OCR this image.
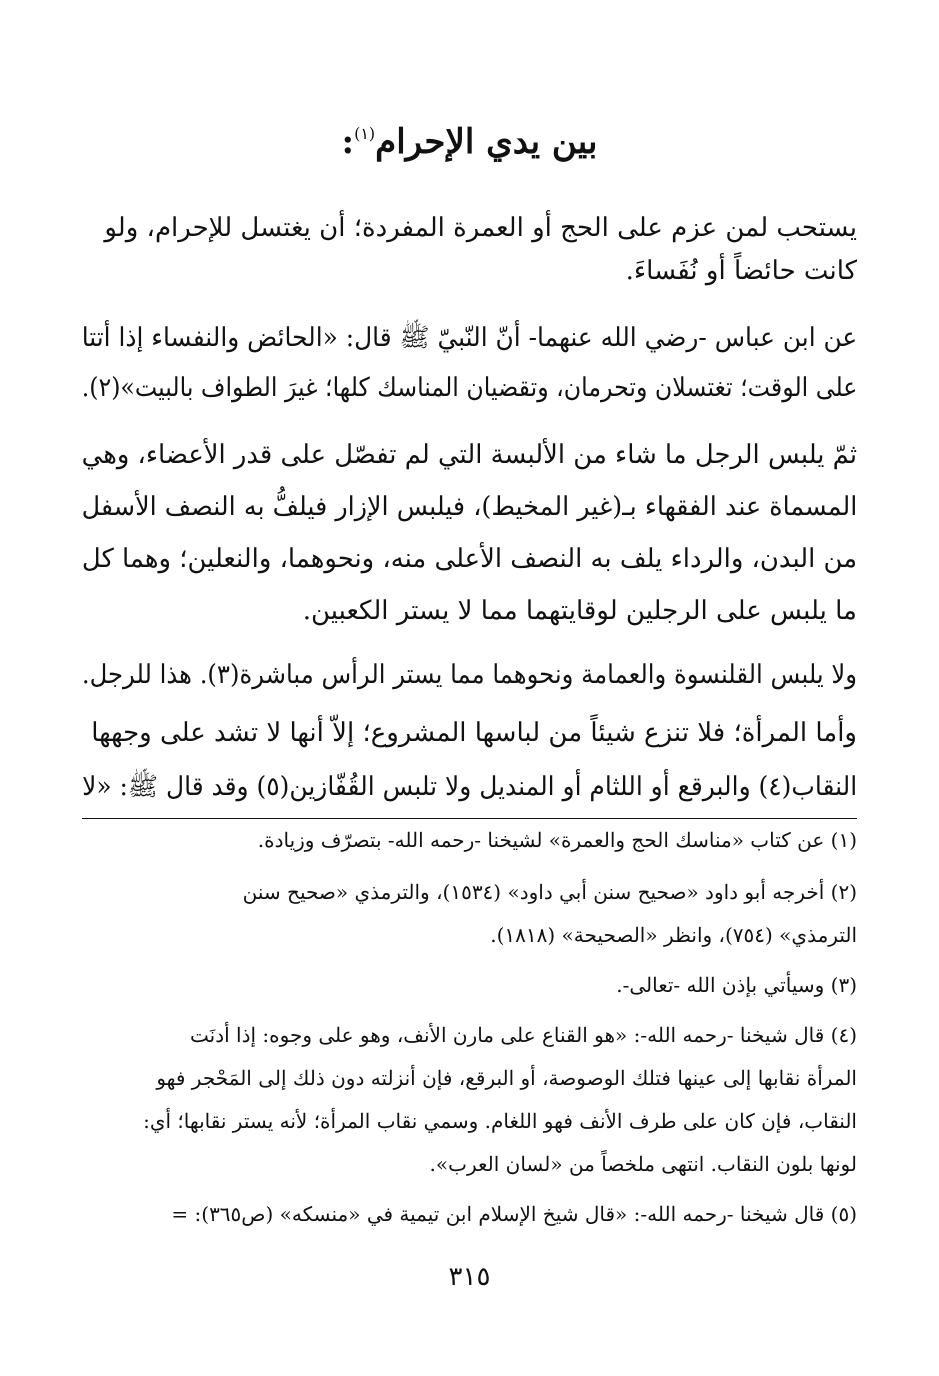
بين يدي الإحرام$^{(١)}$:
يستحب لمن عزم على الحج أو العمرة المفردة؛ أن يغتسل للإحرام، ولو
كانت حائضاً أو نُفَساءَ.
عن ابن عباس -رضي الله عنهما- أنّ النّبيّ ﷺ قال: «الحائض والنفساء إذا أتتا
على الوقت؛ تغتسلان وتحرمان، وتقضيان المناسك كلها؛ غيرَ الطواف بالبيت»(٢).
ثمّ يلبس الرجل ما شاء من الألبسة التي لم تفصّل على قدر الأعضاء، وهي
المسماة عند الفقهاء بـ(غير المخيط)، فيلبس الإزار فيلفُّ به النصف الأسفل
من البدن، والرداء يلف به النصف الأعلى منه، ونحوهما، والنعلين؛ وهما كل
ما يلبس على الرجلين لوقايتهما مما لا يستر الكعبين.
ولا يلبس القلنسوة والعمامة ونحوهما مما يستر الرأس مباشرة(٣). هذا للرجل.
وأما المرأة؛ فلا تنزع شيئاً من لباسها المشروع؛ إلاّ أنها لا تشد على وجهها
النقاب(٤) والبرقع أو اللثام أو المنديل ولا تلبس القُفّازين(٥) وقد قال ﷺ: «لا
(١) عن كتاب «مناسك الحج والعمرة» لشيخنا -رحمه الله- بتصرّف وزيادة.
(٢) أخرجه أبو داود «صحيح سنن أبي داود» (١٥٣٤)، والترمذي «صحيح سنن
الترمذي» (٧٥٤)، وانظر «الصحيحة» (١٨١٨).
(٣) وسيأتي بإذن الله -تعالى-.
(٤) قال شيخنا -رحمه الله-: «هو القناع على مارن الأنف، وهو على وجوه: إذا أدنَت
المرأة نقابها إلى عينها فتلك الوصوصة، أو البرقع، فإن أنزلته دون ذلك إلى المَحْجر فهو
النقاب، فإن كان على طرف الأنف فهو اللغام. وسمي نقاب المرأة؛ لأنه يستر نقابها؛ أي:
لونها بلون النقاب. انتهى ملخصاً من «لسان العرب».
(٥) قال شيخنا -رحمه الله-: «قال شيخ الإسلام ابن تيمية في «منسكه» (ص٣٦٥): =
٣١٥
